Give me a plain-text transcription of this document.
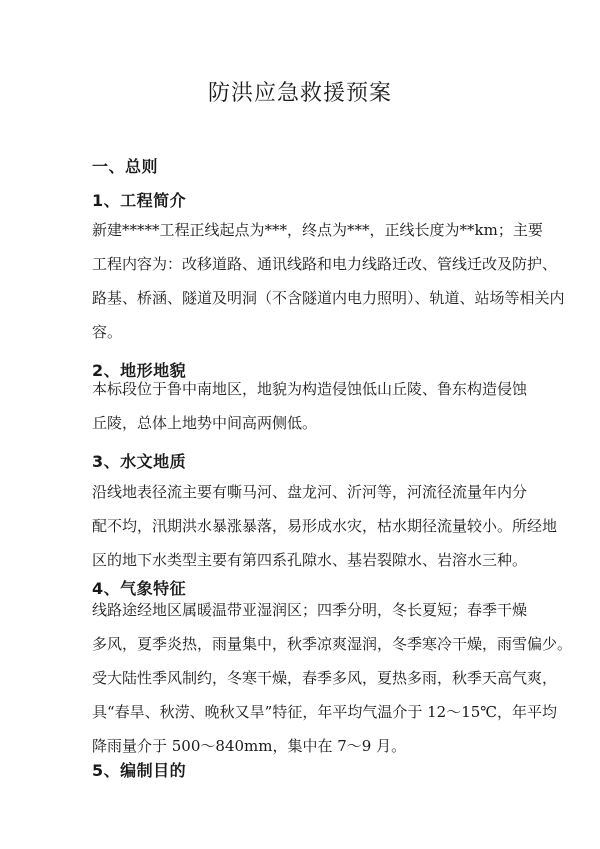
防洪应急救援预案
一、总则
1、工程简介
新建*****工程正线起点为***，终点为***，正线长度为**km；主要
工程内容为：改移道路、通讯线路和电力线路迁改、管线迁改及防护、
路基、桥涵、隧道及明洞（不含隧道内电力照明）、轨道、站场等相关内
容。
2、地形地貌
本标段位于鲁中南地区，地貌为构造侵蚀低山丘陵、鲁东构造侵蚀
丘陵，总体上地势中间高两侧低。
3、水文地质
沿线地表径流主要有嘶马河、盘龙河、沂河等，河流径流量年内分
配不均，汛期洪水暴涨暴落，易形成水灾，枯水期径流量较小。所经地
区的地下水类型主要有第四系孔隙水、基岩裂隙水、岩溶水三种。
4、气象特征
线路途经地区属暖温带亚湿润区；四季分明，冬长夏短；春季干燥
多风，夏季炎热，雨量集中，秋季凉爽湿润，冬季寒冷干燥，雨雪偏少。
受大陆性季风制约，冬寒干燥，春季多风，夏热多雨，秋季天高气爽，
具“春旱、秋涝、晚秋又旱”特征，年平均气温介于 12～15℃，年平均
降雨量介于 500～840mm，集中在 7～9 月。
5、编制目的
